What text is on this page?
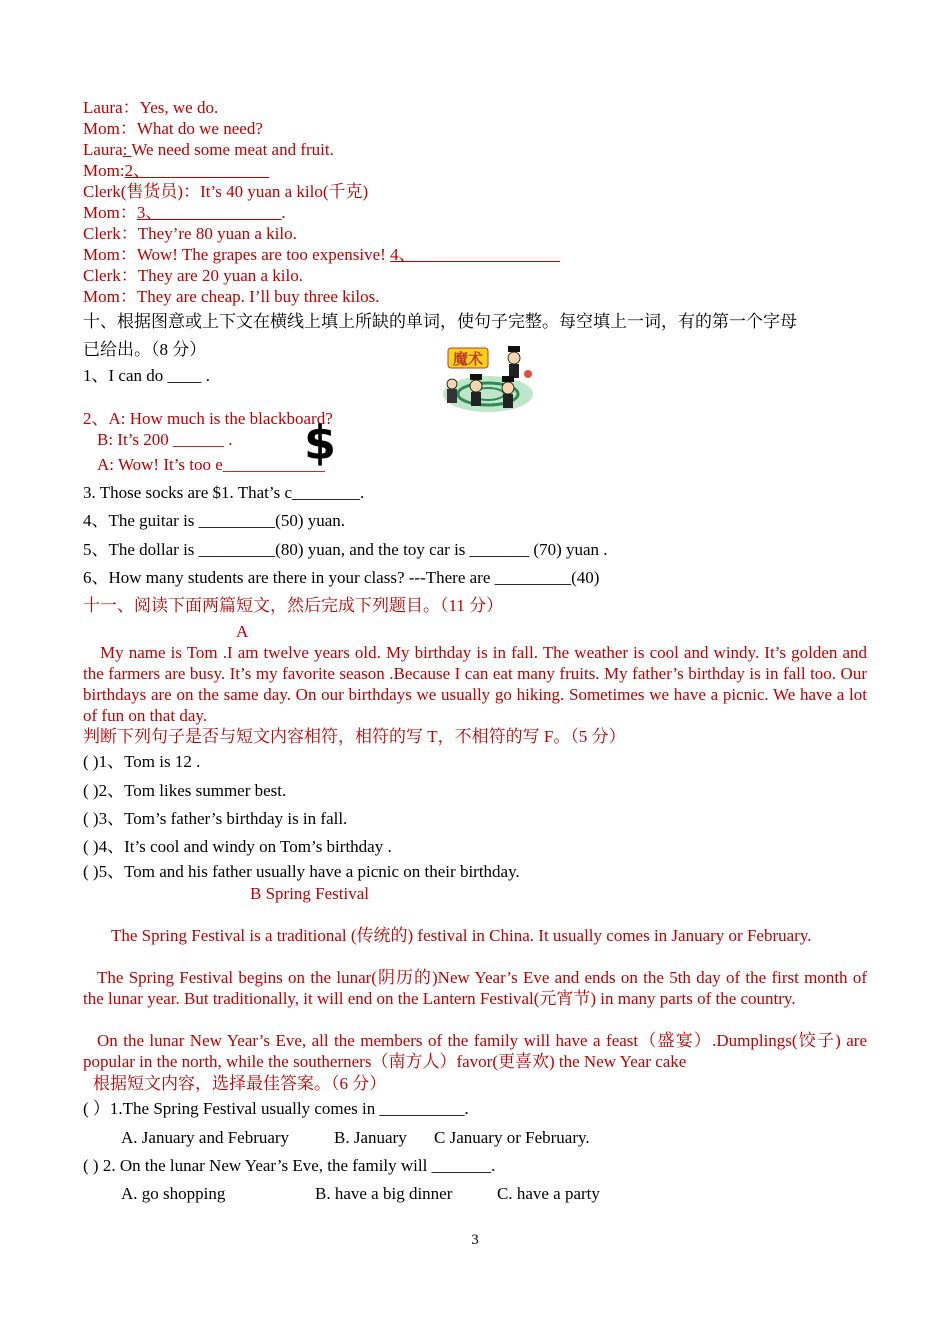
Laura：Yes, we do.
Mom：What do we need?
Laura: We need some meat and fruit.
Mom:2、______________
Clerk(售货员)：It’s 40 yuan a kilo(千克)
Mom：3、______________.
Clerk：They’re 80 yuan a kilo.
Mom：Wow! The grapes are too expensive! 4、_________________
Clerk：They are 20 yuan a kilo.
Mom：They are cheap. I’ll buy three kilos.
十、根据图意或上下文在横线上填上所缺的单词，使句子完整。每空填上一词，有的第一个字母
已给出。（8 分）
1、I can do ____ .
魔术
2、A: How much is the blackboard?
B: It’s 200 ______ . $
A: Wow! It’s too e____________
3. Those socks are $1. That’s c________.
4、The guitar is _________(50) yuan.
5、The dollar is _________(80) yuan, and the toy car is _______ (70) yuan .
6、How many students are there in your class? ---There are _________(40)
十一、阅读下面两篇短文，然后完成下列题目。（11 分）
A
My name is Tom .I am twelve years old. My birthday is in fall. The weather is cool and windy. It’s golden and the farmers are busy. It’s my favorite season .Because I can eat many fruits. My father’s birthday is in fall too. Our birthdays are on the same day. On our birthdays we usually go hiking. Sometimes we have a picnic. We have a lot of fun on that day.
判断下列句子是否与短文内容相符，相符的写 T，不相符的写 F。（5 分）
( )1、Tom is 12 .
( )2、Tom likes summer best.
( )3、Tom’s father’s birthday is in fall.
( )4、It’s cool and windy on Tom’s birthday .
( )5、Tom and his father usually have a picnic on their birthday.
B Spring Festival
The Spring Festival is a traditional (传统的) festival in China. It usually comes in January or February.
The Spring Festival begins on the lunar(阴历的)New Year’s Eve and ends on the 5th day of the first month of the lunar year. But traditionally, it will end on the Lantern Festival(元宵节) in many parts of the country.
On the lunar New Year’s Eve, all the members of the family will have a feast（盛宴）.Dumplings(饺子) are popular in the north, while the southerners（南方人）favor(更喜欢) the New Year cake
根据短文内容，选择最佳答案。（6 分）
( ）1.The Spring Festival usually comes in __________.
A. January and February	B. January C January or February.
( ) 2. On the lunar New Year’s Eve, the family will _______.
A. go shopping	B. have a big dinner	C. have a party
3
